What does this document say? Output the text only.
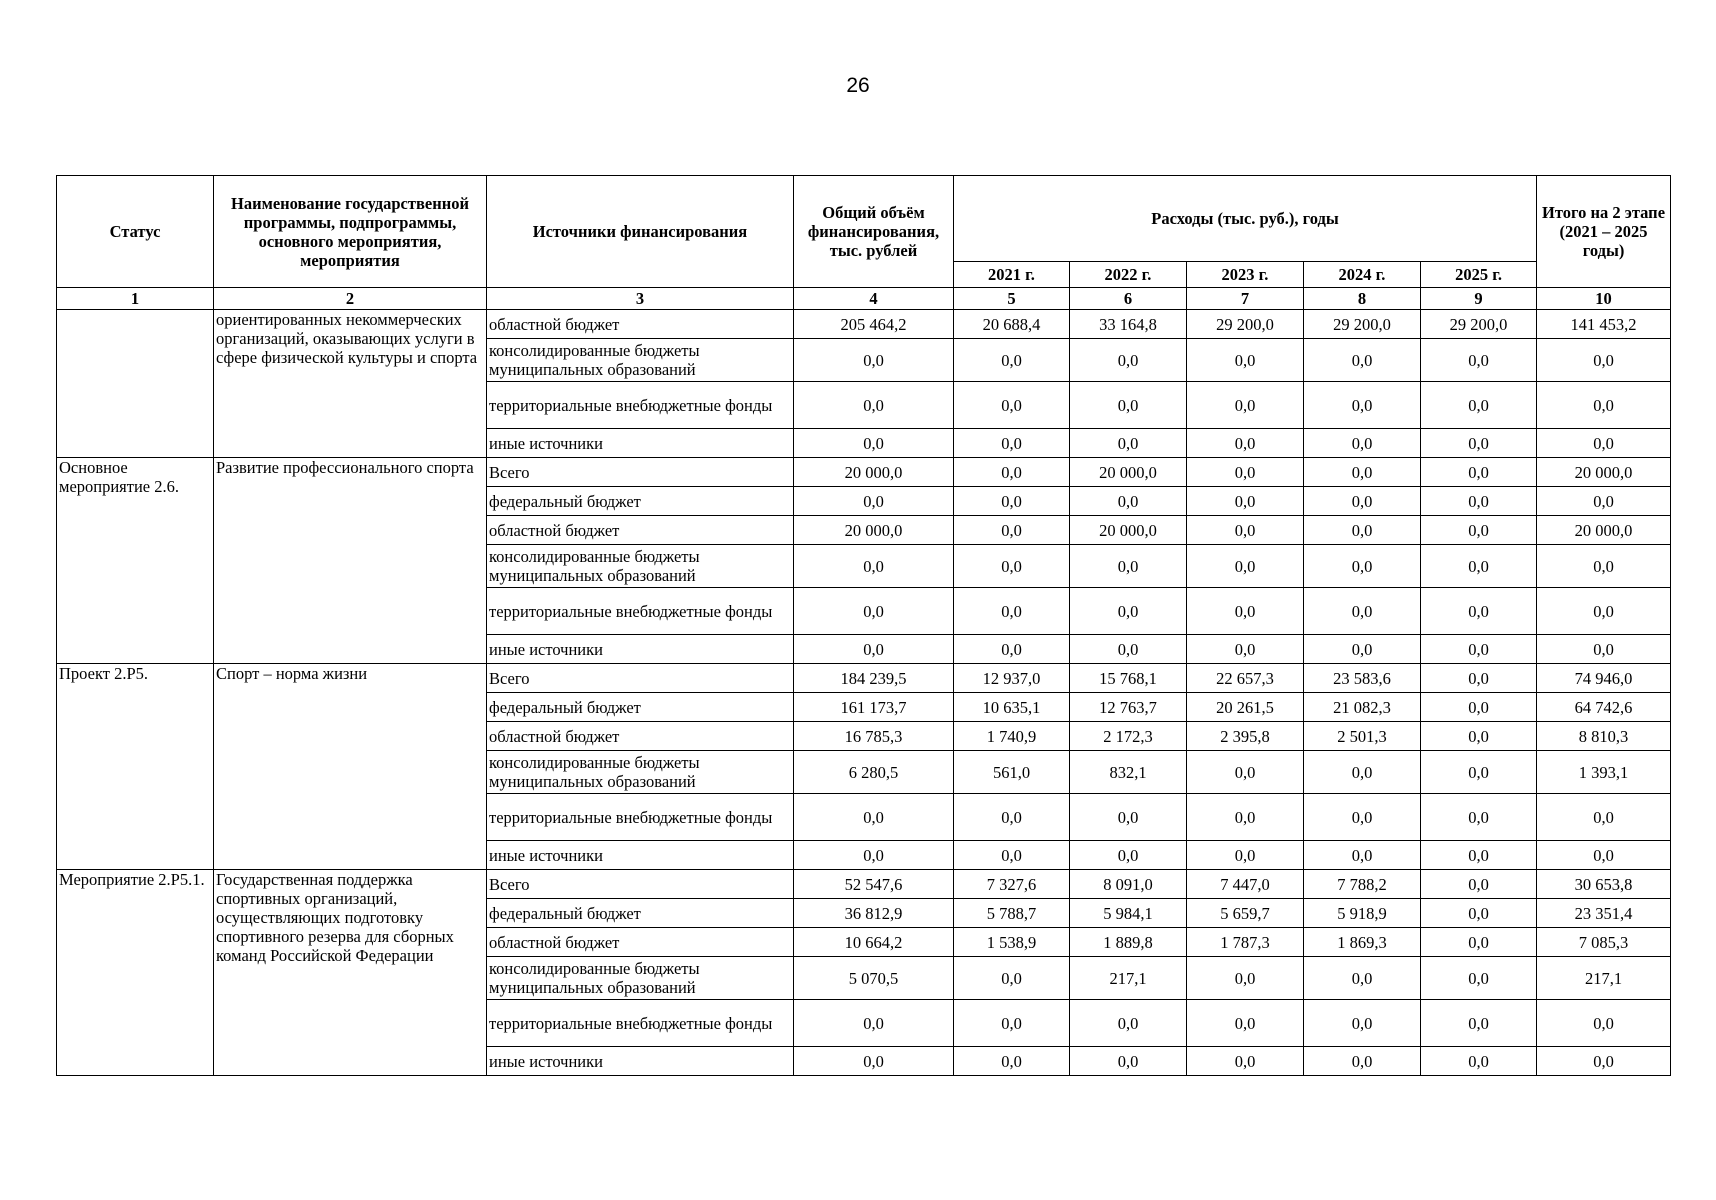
26
Статус	Наименование государственной программы, подпрограммы, основного мероприятия, мероприятия	Источники финансирования	Общий объём финансирования, тыс. рублей	Расходы (тыс. руб.), годы					Итого на 2 этапе (2021 – 2025 годы)
				2021 г.	2022 г.	2023 г.	2024 г.	2025 г.	
1	2	3	4	5	6	7	8	9	10
	ориентированных некоммерческих организаций, оказывающих услуги в сфере физической культуры и спорта	областной бюджет	205 464,2	20 688,4	33 164,8	29 200,0	29 200,0	29 200,0	141 453,2
		консолидированные бюджеты муниципальных образований	0,0	0,0	0,0	0,0	0,0	0,0	0,0
		территориальные внебюджетные фонды	0,0	0,0	0,0	0,0	0,0	0,0	0,0
		иные источники	0,0	0,0	0,0	0,0	0,0	0,0	0,0
Основное мероприятие 2.6.	Развитие профессионального спорта	Всего	20 000,0	0,0	20 000,0	0,0	0,0	0,0	20 000,0
		федеральный бюджет	0,0	0,0	0,0	0,0	0,0	0,0	0,0
		областной бюджет	20 000,0	0,0	20 000,0	0,0	0,0	0,0	20 000,0
		консолидированные бюджеты муниципальных образований	0,0	0,0	0,0	0,0	0,0	0,0	0,0
		территориальные внебюджетные фонды	0,0	0,0	0,0	0,0	0,0	0,0	0,0
		иные источники	0,0	0,0	0,0	0,0	0,0	0,0	0,0
Проект 2.Р5.	Спорт – норма жизни	Всего	184 239,5	12 937,0	15 768,1	22 657,3	23 583,6	0,0	74 946,0
		федеральный бюджет	161 173,7	10 635,1	12 763,7	20 261,5	21 082,3	0,0	64 742,6
		областной бюджет	16 785,3	1 740,9	2 172,3	2 395,8	2 501,3	0,0	8 810,3
		консолидированные бюджеты муниципальных образований	6 280,5	561,0	832,1	0,0	0,0	0,0	1 393,1
		территориальные внебюджетные фонды	0,0	0,0	0,0	0,0	0,0	0,0	0,0
		иные источники	0,0	0,0	0,0	0,0	0,0	0,0	0,0
Мероприятие 2.Р5.1.	Государственная поддержка спортивных организаций, осуществляющих подготовку спортивного резерва для сборных команд Российской Федерации	Всего	52 547,6	7 327,6	8 091,0	7 447,0	7 788,2	0,0	30 653,8
		федеральный бюджет	36 812,9	5 788,7	5 984,1	5 659,7	5 918,9	0,0	23 351,4
		областной бюджет	10 664,2	1 538,9	1 889,8	1 787,3	1 869,3	0,0	7 085,3
		консолидированные бюджеты муниципальных образований	5 070,5	0,0	217,1	0,0	0,0	0,0	217,1
		территориальные внебюджетные фонды	0,0	0,0	0,0	0,0	0,0	0,0	0,0
		иные источники	0,0	0,0	0,0	0,0	0,0	0,0	0,0
